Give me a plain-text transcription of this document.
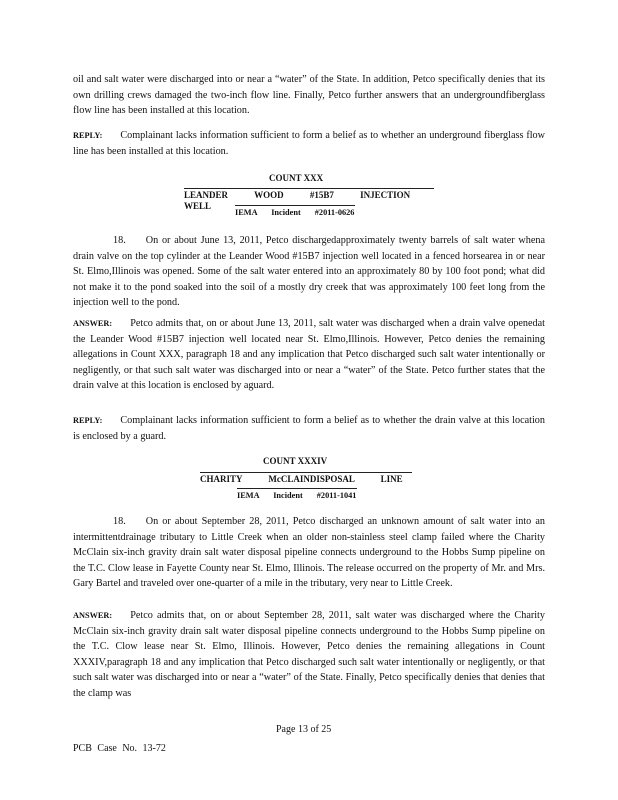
oil and salt water were discharged into or near a “water” of the State. In addition, Petco specifically denies that its own drilling crews damaged the two-inch flow line. Finally, Petco further answers that an undergroundfiberglass flow line has been installed at this location.

REPLY: Complainant lacks information sufficient to form a belief as to whether an underground fiberglass flow line has been installed at this location.

COUNT XXX
LEANDER WOOD #15B7 INJECTION WELL
IEMA Incident #2011-0626

18. On or about June 13, 2011, Petco dischargedapproximately twenty barrels of salt water whena drain valve on the top cylinder at the Leander Wood #15B7 injection well located in a fenced horsearea in or near St. Elmo,Illinois was opened. Some of the salt water entered into an approximately 80 by 100 foot pond; what did not make it to the pond soaked into the soil of a mostly dry creek that was approximately 100 feet long from the injection well to the pond.

ANSWER: Petco admits that, on or about June 13, 2011, salt water was discharged when a drain valve openedat the Leander Wood #15B7 injection well located near St. Elmo,Illinois. However, Petco denies the remaining allegations in Count XXX, paragraph 18 and any implication that Petco discharged such salt water intentionally or negligently, or that such salt water was discharged into or near a “water” of the State. Petco further states that the drain valve at this location is enclosed by aguard.

REPLY: Complainant lacks information sufficient to form a belief as to whether the drain valve at this location is enclosed by a guard.

COUNT XXXIV
CHARITY McCLAINDISPOSAL LINE
IEMA Incident #2011-1041

18. On or about September 28, 2011, Petco discharged an unknown amount of salt water into an intermittentdrainage tributary to Little Creek when an older non-stainless steel clamp failed where the Charity McClain six-inch gravity drain salt water disposal pipeline connects underground to the Hobbs Sump pipeline on the T.C. Clow lease in Fayette County near St. Elmo, Illinois. The release occurred on the property of Mr. and Mrs. Gary Bartel and traveled over one-quarter of a mile in the tributary, very near to Little Creek.

ANSWER: Petco admits that, on or about September 28, 2011, salt water was discharged where the Charity McClain six-inch gravity drain salt water disposal pipeline connects underground to the Hobbs Sump pipeline on the T.C. Clow lease near St. Elmo, Illinois. However, Petco denies the remaining allegations in Count XXXIV,paragraph 18 and any implication that Petco discharged such salt water intentionally or negligently, or that such salt water was discharged into or near a “water” of the State. Finally, Petco specifically denies that denies that the clamp was

Page 13 of 25
PCB Case No. 13-72
